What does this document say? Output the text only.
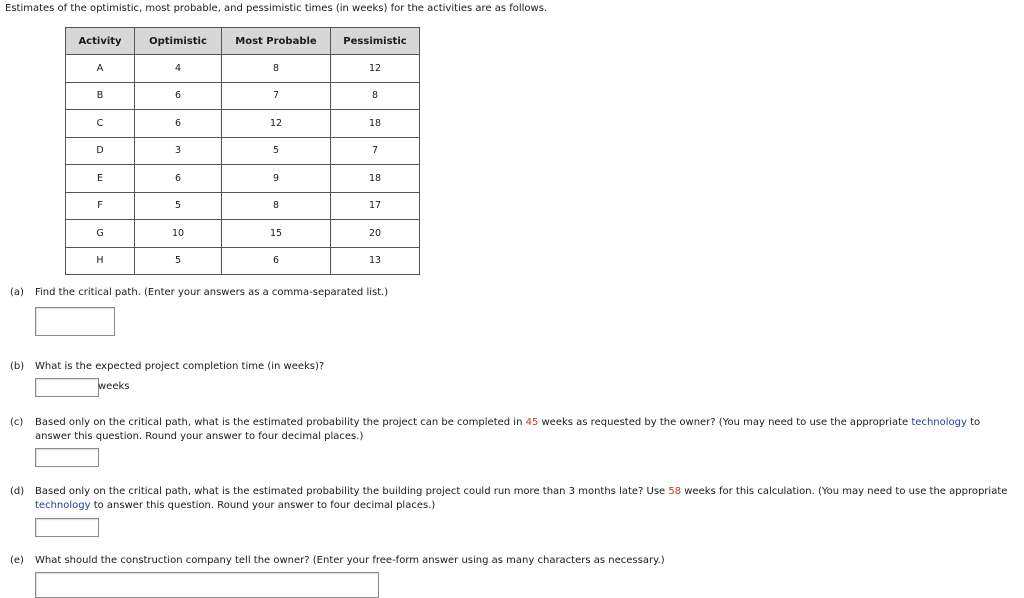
Estimates of the optimistic, most probable, and pessimistic times (in weeks) for the activities are as follows.
Activity	Optimistic	Most Probable	Pessimistic
A	4	8	12
B	6	7	8
C	6	12	18
D	3	5	7
E	6	9	18
F	5	8	17
G	10	15	20
H	5	6	13
(a) Find the critical path. (Enter your answers as a comma-separated list.)
(b) What is the expected project completion time (in weeks)?
weeks
(c) Based only on the critical path, what is the estimated probability the project can be completed in 45 weeks as requested by the owner? (You may need to use the appropriate technology to
answer this question. Round your answer to four decimal places.)
(d) Based only on the critical path, what is the estimated probability the building project could run more than 3 months late? Use 58 weeks for this calculation. (You may need to use the appropriate
technology to answer this question. Round your answer to four decimal places.)
(e) What should the construction company tell the owner? (Enter your free-form answer using as many characters as necessary.)
